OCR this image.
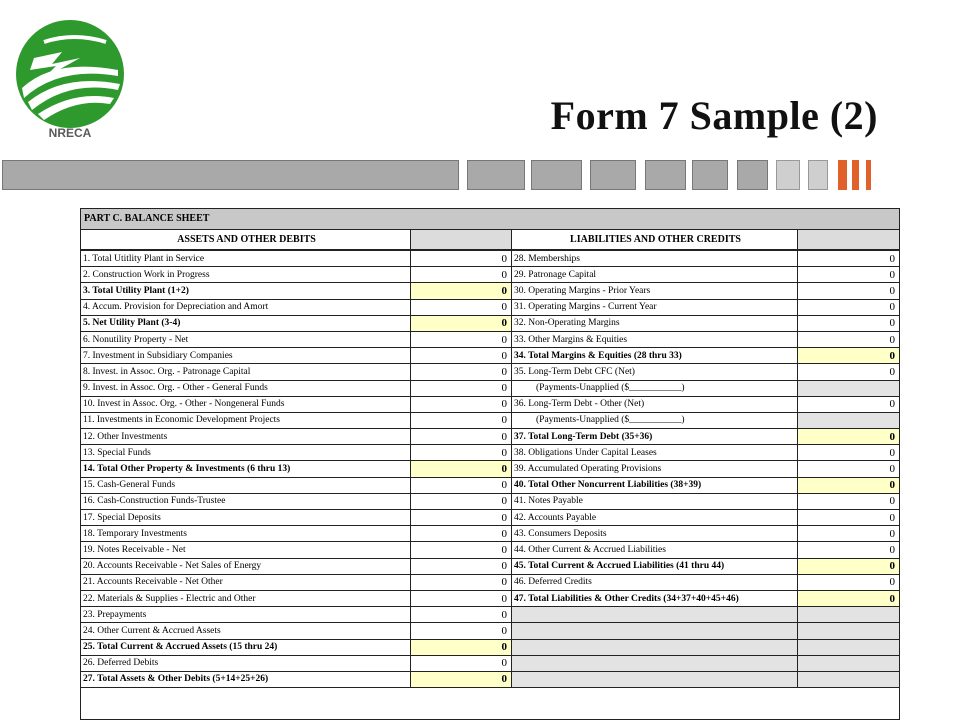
NRECA	Form 7 Sample (2)
PART C. BALANCE SHEET
ASSETS AND OTHER DEBITS	LIABILITIES AND OTHER CREDITS
1. Total Utitlity Plant in Service	0 28. Memberships	0
2. Construction Work in Progress	0 29. Patronage Capital	0
3. Total Utility Plant (1+2)	0 30. Operating Margins - Prior Years	0
4. Accum. Provision for Depreciation and Amort	0 31. Operating Margins - Current Year	0
5. Net Utility Plant (3-4)	0 32. Non-Operating Margins	0
6. Nonutility Property - Net	0 33. Other Margins & Equities	0
7. Investment in Subsidiary Companies	0 34. Total Margins & Equities (28 thru 33)	0
8. Invest. in Assoc. Org. - Patronage Capital	0 35. Long-Term Debt CFC (Net)	0
9. Invest. in Assoc. Org. - Other - General Funds	0	(Payments-Unapplied ($___________)
10. Invest in Assoc. Org. - Other - Nongeneral Funds	0 36. Long-Term Debt - Other (Net)	0
11. Investments in Economic Development Projects	0	(Payments-Unapplied ($___________)
12. Other Investments	0 37. Total Long-Term Debt (35+36)	0
13. Special Funds	0 38. Obligations Under Capital Leases	0
14. Total Other Property & Investments (6 thru 13)	0 39. Accumulated Operating Provisions	0
15. Cash-General Funds	0 40. Total Other Noncurrent Liabilities (38+39)	0
16. Cash-Construction Funds-Trustee	0 41. Notes Payable	0
17. Special Deposits	0 42. Accounts Payable	0
18. Temporary Investments	0 43. Consumers Deposits	0
19. Notes Receivable - Net	0 44. Other Current & Accrued Liabilities	0
20. Accounts Receivable - Net Sales of Energy	0 45. Total Current & Accrued Liabilities (41 thru 44)	0
21. Accounts Receivable - Net Other	0 46. Deferred Credits	0
22. Materials & Supplies - Electric and Other	0 47. Total Liabilities & Other Credits (34+37+40+45+46)	0
23. Prepayments	0
24. Other Current & Accrued Assets	0
25. Total Current & Accrued Assets (15 thru 24)	0
26. Deferred Debits	0
27. Total Assets & Other Debits (5+14+25+26)	0
